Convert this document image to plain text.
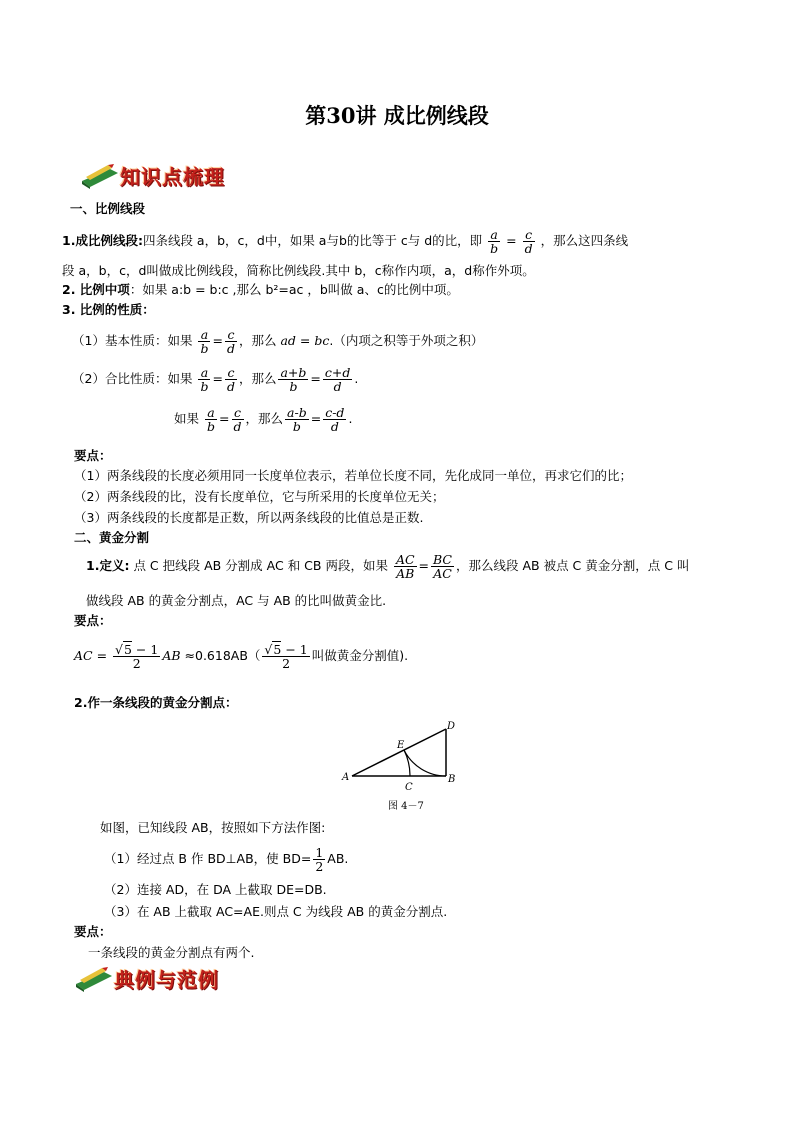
第30讲 成比例线段
知识点梳理
一、比例线段
1.成比例线段:四条线段 a，b，c，d中，如果 a与b的比等于 c与 d的比，即 $\frac{a}{b} = \frac{c}{d}$ ，那么这四条线
段 a，b，c，d叫做成比例线段，简称比例线段.其中 b，c称作内项，a，d称作外项。
2. 比例中项：如果 a:b = b:c ,那么 b²=ac ，b叫做 a、c的比例中项。
3. 比例的性质：
（1）基本性质：如果 $\frac{a}{b} = \frac{c}{d}$ ，那么 ad = bc.（内项之积等于外项之积）
（2）合比性质：如果 $\frac{a}{b} = \frac{c}{d}$ ，那么 $\frac{a+b}{b} = \frac{c+d}{d}$ .
如果 $\frac{a}{b} = \frac{c}{d}$ ，那么 $\frac{a-b}{b} = \frac{c-d}{d}$ .
要点：
（1）两条线段的长度必须用同一长度单位表示，若单位长度不同，先化成同一单位，再求它们的比；
（2）两条线段的比，没有长度单位，它与所采用的长度单位无关；
（3）两条线段的长度都是正数，所以两条线段的比值总是正数.
二、黄金分割
1.定义: 点 C 把线段 AB 分割成 AC 和 CB 两段，如果 $\frac{AC}{AB} = \frac{BC}{AC}$ ，那么线段 AB 被点 C 黄金分割，点 C 叫
做线段 AB 的黄金分割点，AC 与 AB 的比叫做黄金比.
要点：
AC = $\frac{√5 - 1}{2}$ AB $\approx 0.618AB( \frac{√5 - 1}{2}$ 叫做黄金分割值).
2.作一条线段的黄金分割点：
A	B
C
D
E
图 4－7
如图，已知线段 AB，按照如下方法作图:
（1）经过点 B 作 BD⊥AB，使 $BD= \frac{1}{2}$ AB.
（2）连接 AD，在 DA 上截取 DE=DB.
（3）在 AB 上截取 AC=AE.则点 C 为线段 AB 的黄金分割点.
要点：
一条线段的黄金分割点有两个.
典例与范例
